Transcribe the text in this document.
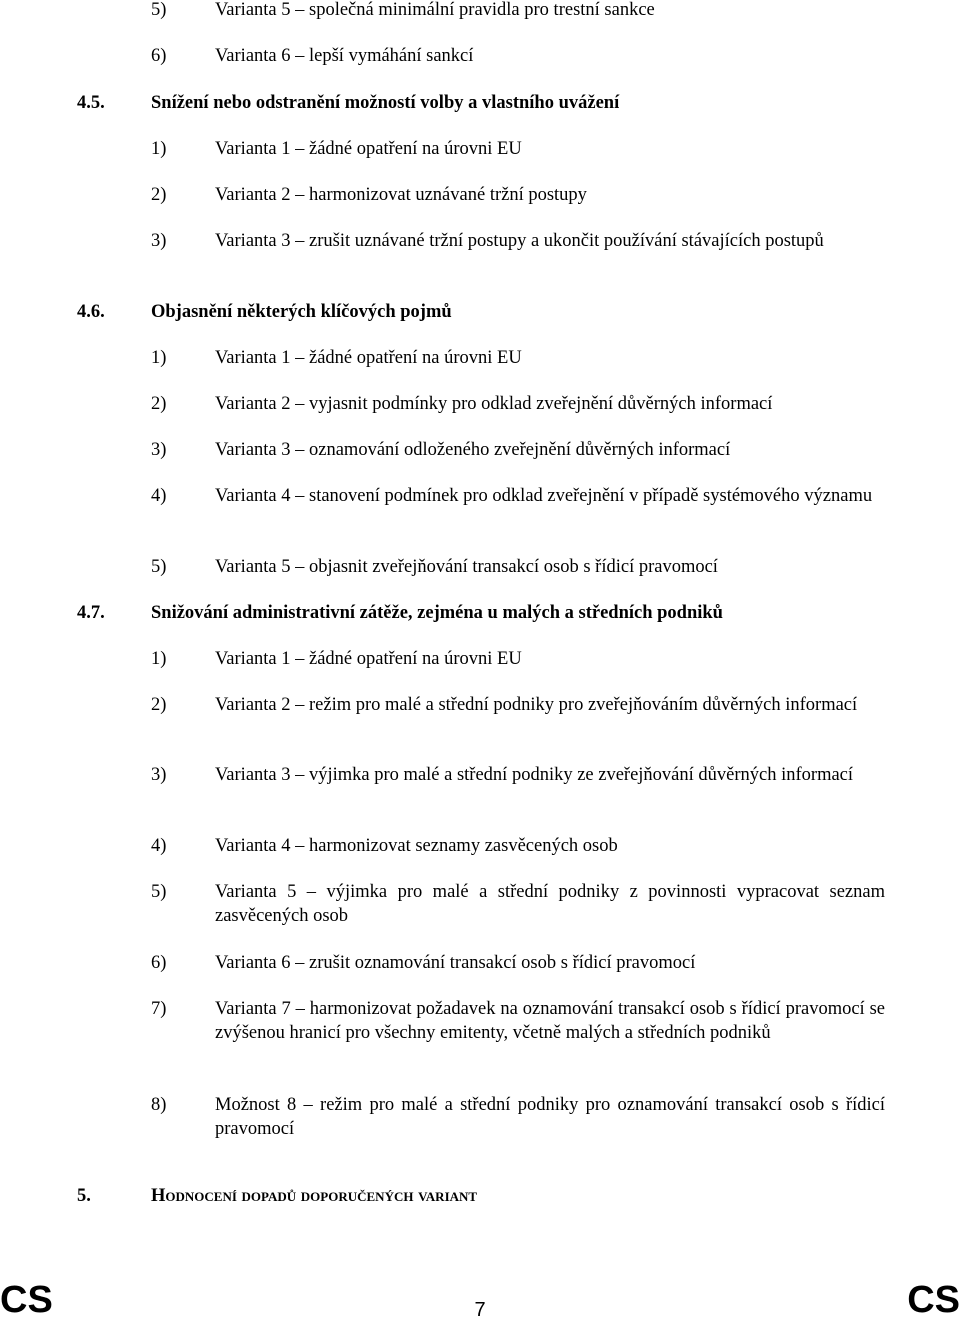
5)	Varianta 5 – společná minimální pravidla pro trestní sankce
6)	Varianta 6 – lepší vymáhání sankcí
4.5.	Snížení nebo odstranění možností volby a vlastního uvážení
1)	Varianta 1 – žádné opatření na úrovni EU
2)	Varianta 2 – harmonizovat uznávané tržní postupy
3)	Varianta 3 – zrušit uznávané tržní postupy a ukončit používání stávajících postupů
4.6.	Objasnění některých klíčových pojmů
1)	Varianta 1 – žádné opatření na úrovni EU
2)	Varianta 2 – vyjasnit podmínky pro odklad zveřejnění důvěrných informací
3)	Varianta 3 – oznamování odloženého zveřejnění důvěrných informací
4)	Varianta 4 – stanovení podmínek pro odklad zveřejnění v případě systémového významu
5)	Varianta 5 – objasnit zveřejňování transakcí osob s řídicí pravomocí
4.7.	Snižování administrativní zátěže, zejména u malých a středních podniků
1)	Varianta 1 – žádné opatření na úrovni EU
2)	Varianta 2 – režim pro malé a střední podniky pro zveřejňováním důvěrných informací
3)	Varianta 3 – výjimka pro malé a střední podniky ze zveřejňování důvěrných informací
4)	Varianta 4 – harmonizovat seznamy zasvěcených osob
5)	Varianta 5 – výjimka pro malé a střední podniky z povinnosti vypracovat seznam zasvěcených osob
6)	Varianta 6 – zrušit oznamování transakcí osob s řídicí pravomocí
7)	Varianta 7 – harmonizovat požadavek na oznamování transakcí osob s řídicí pravomocí se zvýšenou hranicí pro všechny emitenty, včetně malých a středních podniků
8)	Možnost 8 – režim pro malé a střední podniky pro oznamování transakcí osob s řídicí pravomocí
5.	Hodnocení dopadů doporučených variant
CS	7	CS
